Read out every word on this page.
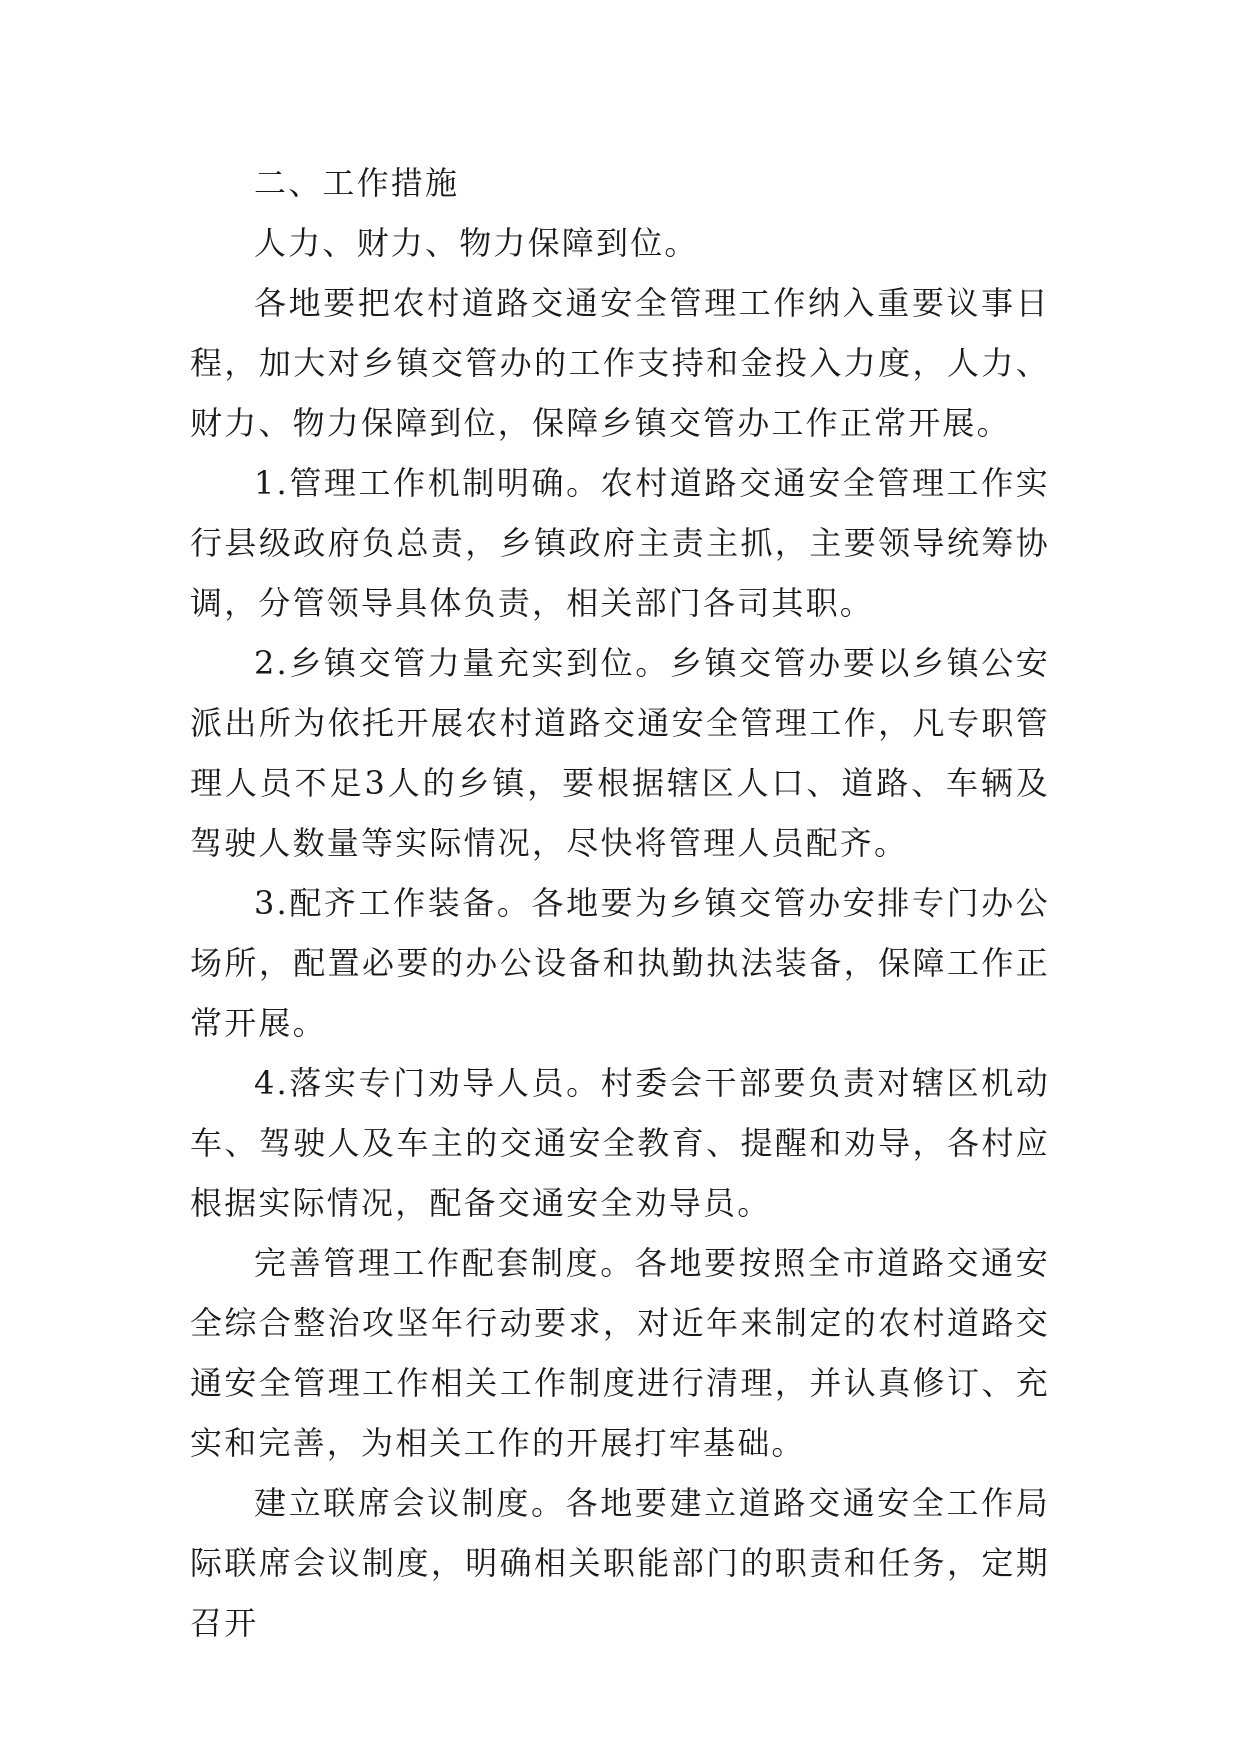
二、工作措施

人力、财力、物力保障到位。

各地要把农村道路交通安全管理工作纳入重要议事日程，加大对乡镇交管办的工作支持和金投入力度，人力、财力、物力保障到位，保障乡镇交管办工作正常开展。

1.管理工作机制明确。农村道路交通安全管理工作实行县级政府负总责，乡镇政府主责主抓，主要领导统筹协调，分管领导具体负责，相关部门各司其职。

2.乡镇交管力量充实到位。乡镇交管办要以乡镇公安派出所为依托开展农村道路交通安全管理工作，凡专职管理人员不足3人的乡镇，要根据辖区人口、道路、车辆及驾驶人数量等实际情况，尽快将管理人员配齐。

3.配齐工作装备。各地要为乡镇交管办安排专门办公场所，配置必要的办公设备和执勤执法装备，保障工作正常开展。

4.落实专门劝导人员。村委会干部要负责对辖区机动车、驾驶人及车主的交通安全教育、提醒和劝导，各村应根据实际情况，配备交通安全劝导员。

完善管理工作配套制度。各地要按照全市道路交通安全综合整治攻坚年行动要求，对近年来制定的农村道路交通安全管理工作相关工作制度进行清理，并认真修订、充实和完善，为相关工作的开展打牢基础。

建立联席会议制度。各地要建立道路交通安全工作局际联席会议制度，明确相关职能部门的职责和任务，定期召开
